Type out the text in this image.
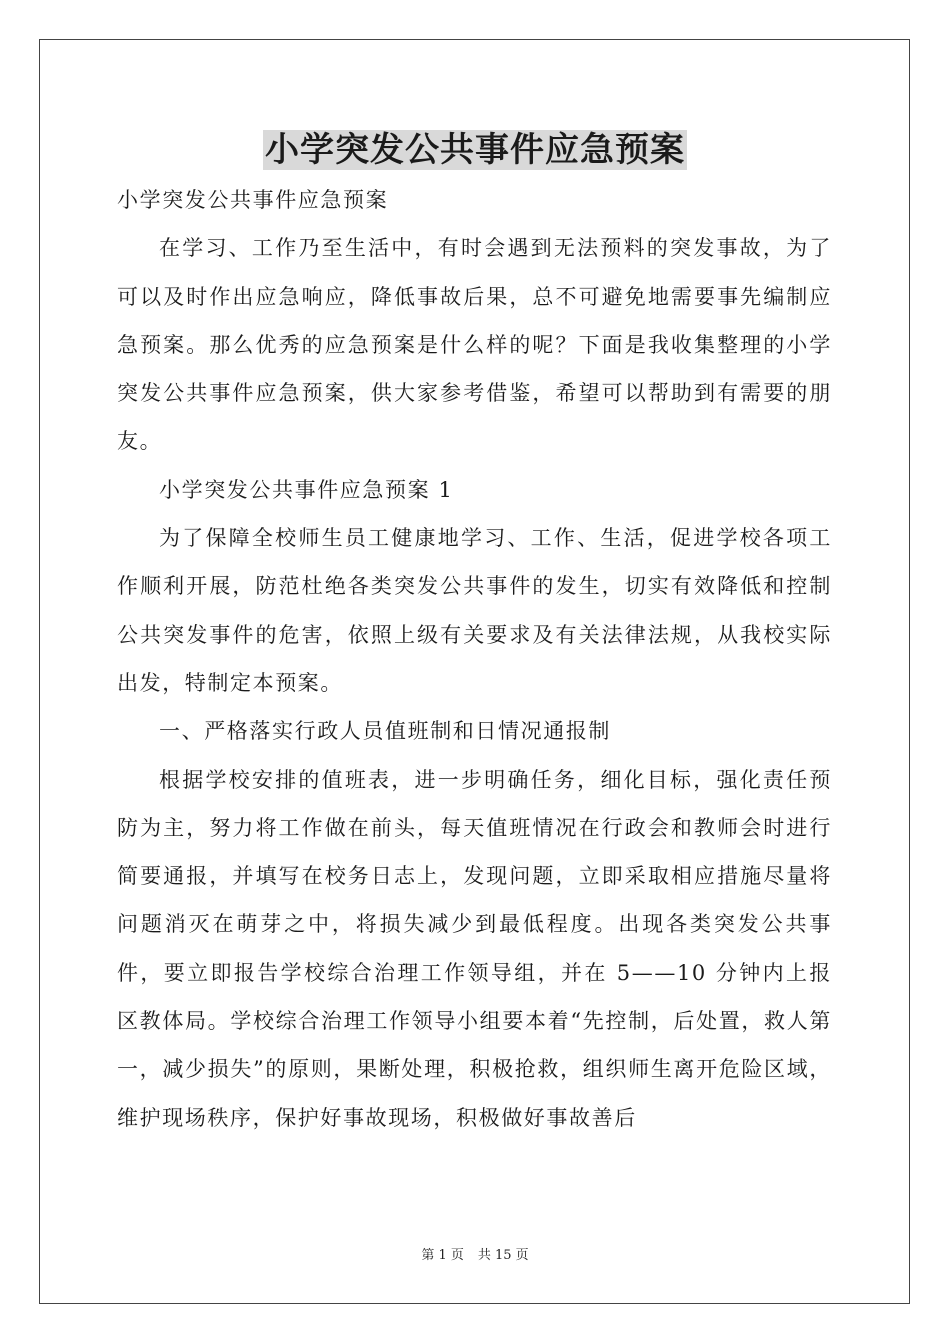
小学突发公共事件应急预案

小学突发公共事件应急预案

在学习、工作乃至生活中，有时会遇到无法预料的突发事故，为了可以及时作出应急响应，降低事故后果，总不可避免地需要事先编制应急预案。那么优秀的应急预案是什么样的呢？下面是我收集整理的小学突发公共事件应急预案，供大家参考借鉴，希望可以帮助到有需要的朋友。

小学突发公共事件应急预案 1

为了保障全校师生员工健康地学习、工作、生活，促进学校各项工作顺利开展，防范杜绝各类突发公共事件的发生，切实有效降低和控制公共突发事件的危害，依照上级有关要求及有关法律法规，从我校实际出发，特制定本预案。

一、严格落实行政人员值班制和日情况通报制

根据学校安排的值班表，进一步明确任务，细化目标，强化责任预防为主，努力将工作做在前头，每天值班情况在行政会和教师会时进行简要通报，并填写在校务日志上，发现问题，立即采取相应措施尽量将问题消灭在萌芽之中，将损失减少到最低程度。出现各类突发公共事件，要立即报告学校综合治理工作领导组，并在 5——10 分钟内上报区教体局。学校综合治理工作领导小组要本着“先控制，后处置，救人第一，减少损失”的原则，果断处理，积极抢救，组织师生离开危险区域，维护现场秩序，保护好事故现场，积极做好事故善后

第 1 页 共 15 页
